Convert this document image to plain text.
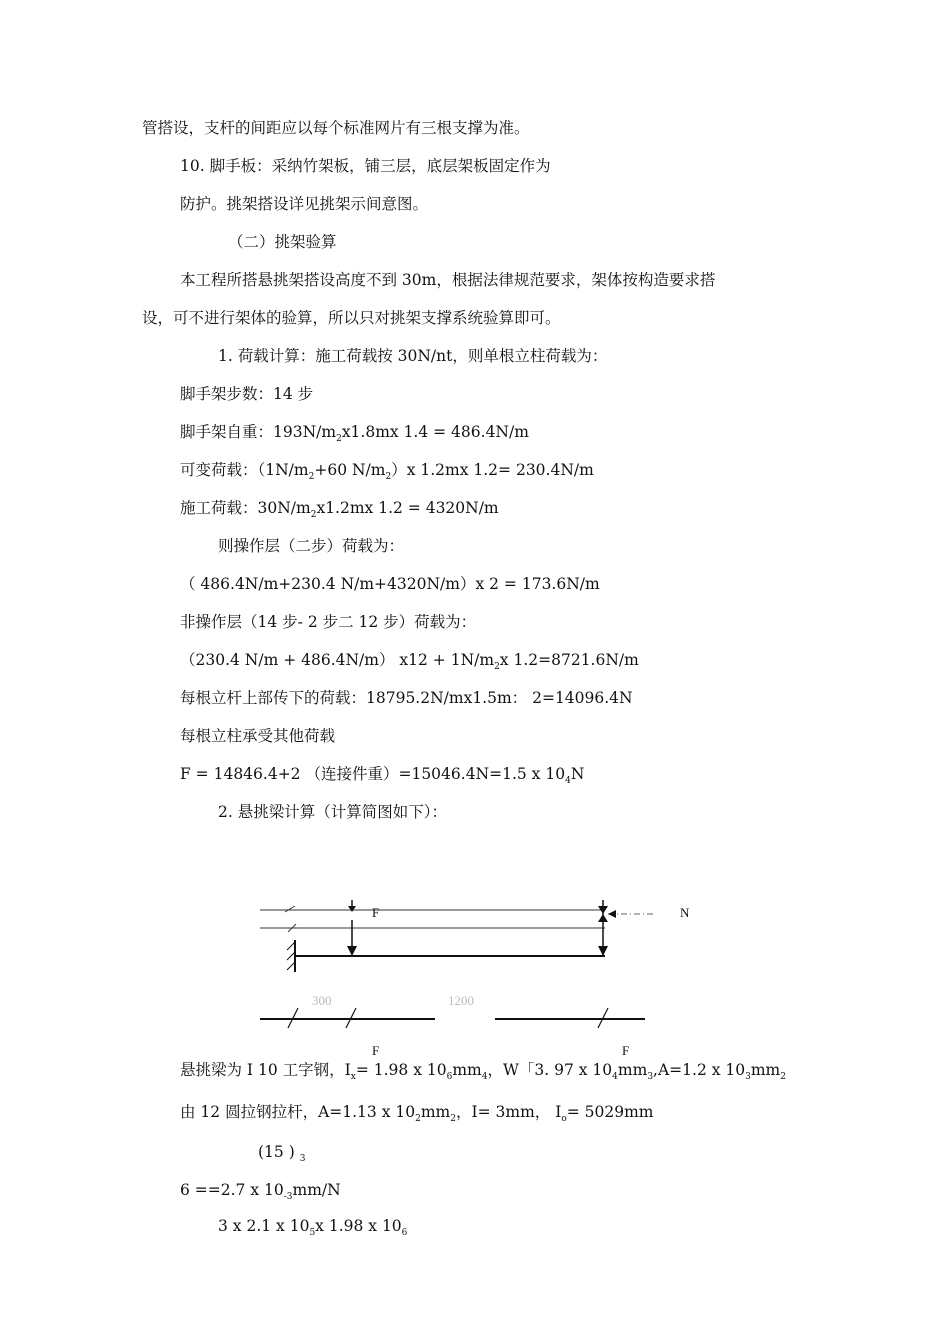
管搭设，支杆的间距应以每个标准网片有三根支撑为准。
10. 脚手板：采纳竹架板，铺三层，底层架板固定作为
防护。挑架搭设详见挑架示间意图。
（二）挑架验算
本工程所搭悬挑架搭设高度不到 30m，根据法律规范要求，架体按构造要求搭
设，可不进行架体的验算，所以只对挑架支撑系统验算即可。
1. 荷载计算：施工荷载按 30N/nt，则单根立柱荷载为：
脚手架步数：14 步
脚手架自重：$193N/m_2x1.8mx$ 1.4 = 486.4N/m
可变荷载：（$1N/m_2+60$ $N/m_2)x$ 1.2mx 1.2= 230.4N/m
施工荷载：$30N/m_2x1.2mx$ 1.2 = 4320N/m
则操作层（二步）荷载为：
（ 486.4N/m+230.4 N/m+4320N/m）x 2 = 173.6N/m
非操作层（14 步- 2 步二 12 步）荷载为：
（230.4 N/m + 486.4N/m） $x12 + 1N/m_2x$ 1.2=8721.6N/m
每根立杆上部传下的荷载：18795.2N/mx1.5m： 2=14096.4N
每根立柱承受其他荷载
F = 14846.4+2 （连接件重）=15046.4N=1.5 x $10_4N$
2. 悬挑梁计算（计算简图如下）：
F	N
300	1200
F	F
悬挑梁为 I 10 工字钢，$I_x= 1.98$ x $10_6mm_4$，W「3. 97 x $10_4mm_3,A=1.2$ x $10_3mm_2$
由 12 圆拉钢拉杆，A=1.13 x $10_2mm_2$，I= 3mm， $I_o= 5029mm$
(15 ) $_3$
6 ==2.7 x $10_{-3}mm/N$
3 x 2.1 x $10_5x$ 1.98 x $10_6$
